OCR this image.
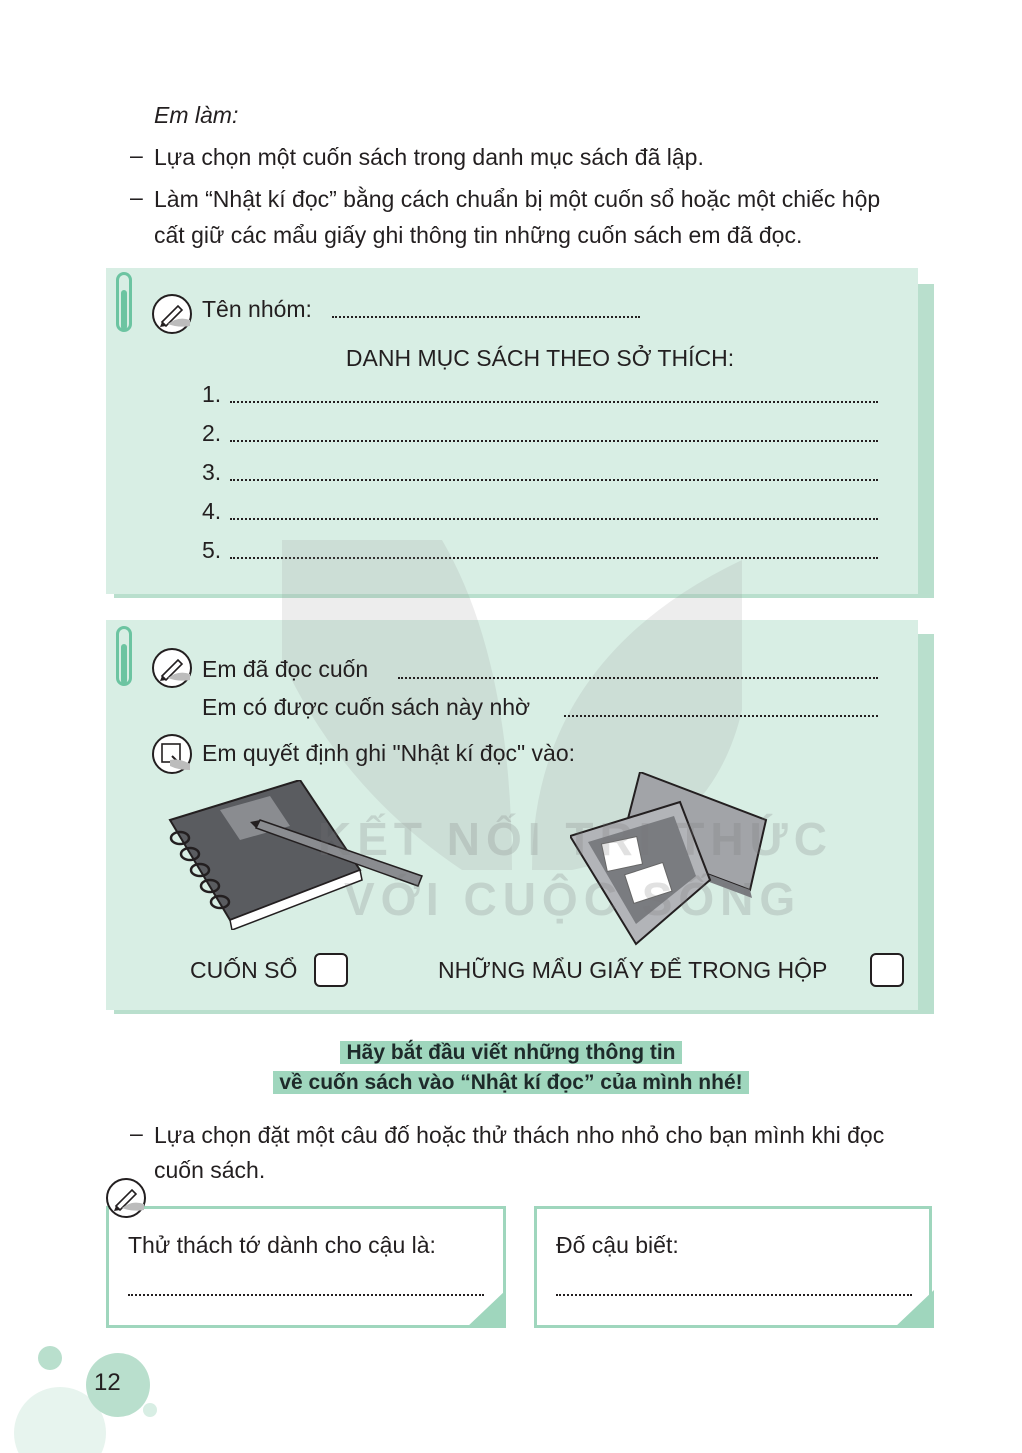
Em làm:
– Lựa chọn một cuốn sách trong danh mục sách đã lập.
– Làm “Nhật kí đọc” bằng cách chuẩn bị một cuốn sổ hoặc một chiếc hộp
cất giữ các mẩu giấy ghi thông tin những cuốn sách em đã đọc.
Tên nhóm:
DANH MỤC SÁCH THEO SỞ THÍCH:
1.
2.
3.
4.
5.
Em đã đọc cuốn
Em có được cuốn sách này nhờ
Em quyết định ghi "Nhật kí đọc" vào:
KẾT NỐI TRI THỨC
VỚI CUỘC SỐNG
CUỐN SỔ	NHỮNG MẨU GIẤY ĐỂ TRONG HỘP
Hãy bắt đầu viết những thông tin
về cuốn sách vào “Nhật kí đọc” của mình nhé!
– Lựa chọn đặt một câu đố hoặc thử thách nho nhỏ cho bạn mình khi đọc
cuốn sách.
Thử thách tớ dành cho cậu là:	Đố cậu biết:
12
